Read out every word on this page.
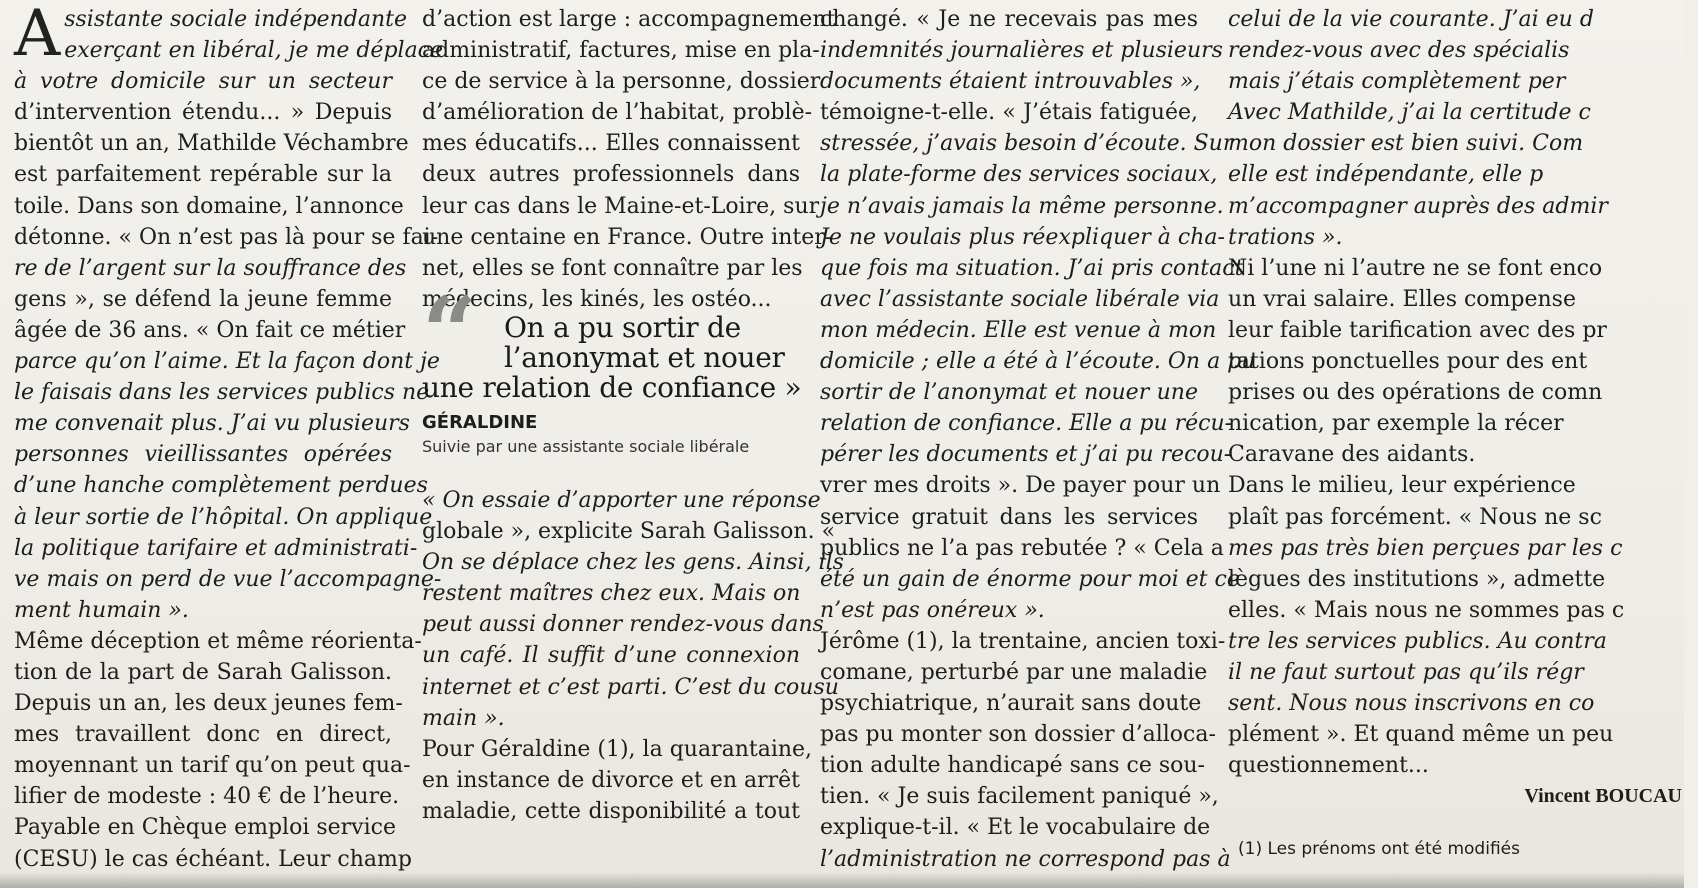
A ssistante sociale indépendante

exerçant en libéral, je me déplace

à votre domicile sur un secteur

d’intervention étendu... » Depuis

bientôt un an, Mathilde Véchambre

est parfaitement repérable sur la

toile. Dans son domaine, l’annonce

détonne. « On n’est pas là pour se fai-

re de l’argent sur la souffrance des

gens », se défend la jeune femme

âgée de 36 ans. « On fait ce métier

parce qu’on l’aime. Et la façon dont je

le faisais dans les services publics ne

me convenait plus. J’ai vu plusieurs

personnes vieillissantes opérées

d’une hanche complètement perdues

à leur sortie de l’hôpital. On applique

la politique tarifaire et administrati-

ve mais on perd de vue l’accompagne-

ment humain ».

Même déception et même réorienta-

tion de la part de Sarah Galisson.

Depuis un an, les deux jeunes fem-

mes travaillent donc en direct,

moyennant un tarif qu’on peut qua-

lifier de modeste : 40 € de l’heure.

Payable en Chèque emploi service

(CESU) le cas échéant. Leur champ

d’action est large : accompagnement

administratif, factures, mise en pla-

ce de service à la personne, dossier

d’amélioration de l’habitat, problè-

mes éducatifs... Elles connaissent

deux autres professionnels dans

leur cas dans le Maine-et-Loire, sur

une centaine en France. Outre inter-

net, elles se font connaître par les

médecins, les kinés, les ostéo...

“ On a pu sortir de
l’anonymat et nouer
une relation de confiance »
GÉRALDINE
Suivie par une assistante sociale libérale

« On essaie d’apporter une réponse

globale », explicite Sarah Galisson. «

On se déplace chez les gens. Ainsi, ils

restent maîtres chez eux. Mais on

peut aussi donner rendez-vous dans

un café. Il suffit d’une connexion

internet et c’est parti. C’est du cousu

main ».

Pour Géraldine (1), la quarantaine,

en instance de divorce et en arrêt

maladie, cette disponibilité a tout

changé. « Je ne recevais pas mes

indemnités journalières et plusieurs

documents étaient introuvables »,

témoigne-t-elle. « J’étais fatiguée,

stressée, j’avais besoin d’écoute. Sur

la plate-forme des services sociaux,

je n’avais jamais la même personne.

Je ne voulais plus réexpliquer à cha-

que fois ma situation. J’ai pris contact

avec l’assistante sociale libérale via

mon médecin. Elle est venue à mon

domicile ; elle a été à l’écoute. On a pu

sortir de l’anonymat et nouer une

relation de confiance. Elle a pu récu-

pérer les documents et j’ai pu recou-

vrer mes droits ». De payer pour un

service gratuit dans les services

publics ne l’a pas rebutée ? « Cela a

été un gain de énorme pour moi et ce

n’est pas onéreux ».

Jérôme (1), la trentaine, ancien toxi-

comane, perturbé par une maladie

psychiatrique, n’aurait sans doute

pas pu monter son dossier d’alloca-

tion adulte handicapé sans ce sou-

tien. « Je suis facilement paniqué »,

explique-t-il. « Et le vocabulaire de

l’administration ne correspond pas à

celui de la vie courante. J’ai eu d

rendez-vous avec des spécialis

mais j’étais complètement per

Avec Mathilde, j’ai la certitude c

mon dossier est bien suivi. Com

elle est indépendante, elle p

m’accompagner auprès des admir

trations ».

Ni l’une ni l’autre ne se font enco

un vrai salaire. Elles compense

leur faible tarification avec des pr

tations ponctuelles pour des ent

prises ou des opérations de comn

nication, par exemple la récer

Caravane des aidants.

Dans le milieu, leur expérience

plaît pas forcément. « Nous ne sc

mes pas très bien perçues par les c

lègues des institutions », admette

elles. « Mais nous ne sommes pas c

tre les services publics. Au contra

il ne faut surtout pas qu’ils régr

sent. Nous nous inscrivons en co

plément ». Et quand même un peu

questionnement...

Vincent BOUCAU
(1) Les prénoms ont été modifiés
